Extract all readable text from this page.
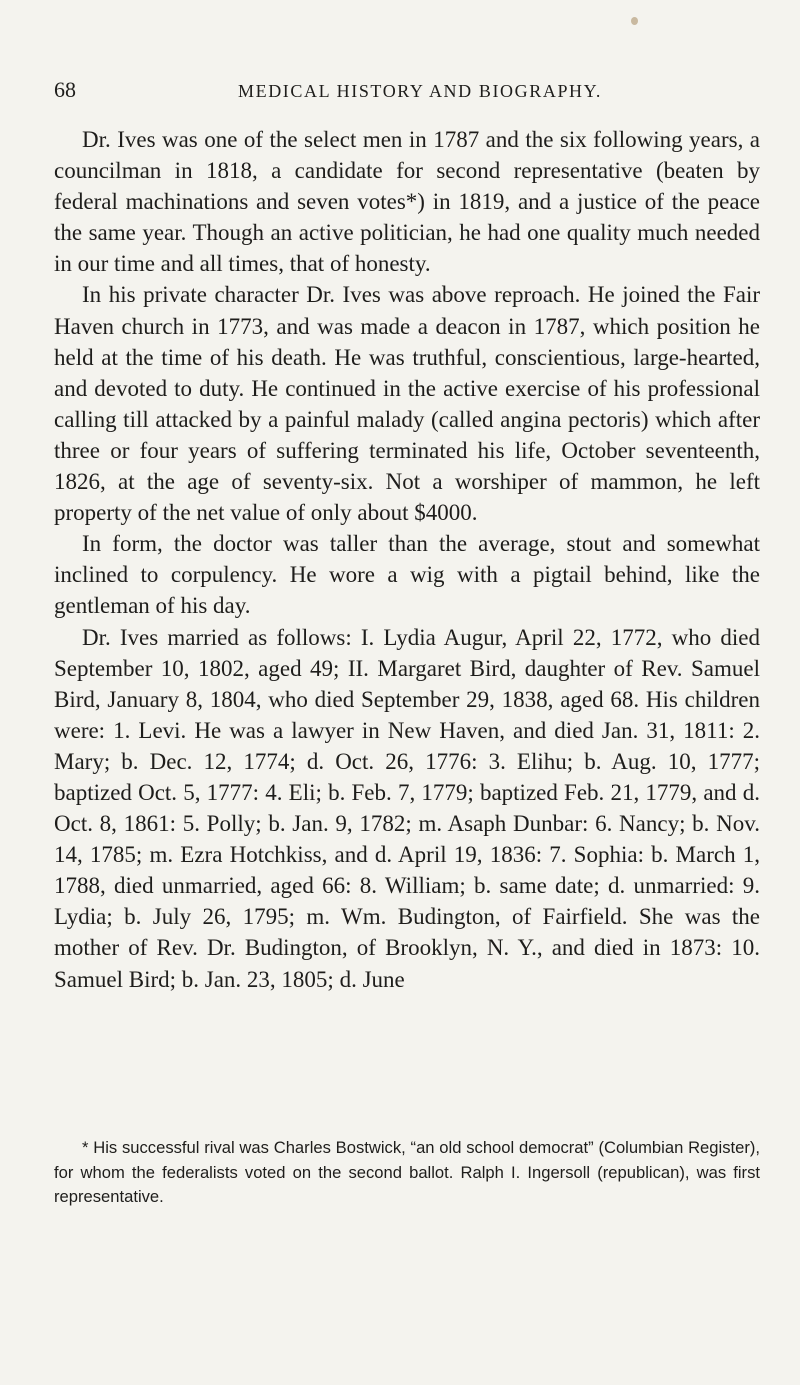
68	MEDICAL HISTORY AND BIOGRAPHY.

Dr. Ives was one of the select men in 1787 and the six following years, a councilman in 1818, a candidate for second representative (beaten by federal machinations and seven votes*) in 1819, and a justice of the peace the same year. Though an active politician, he had one quality much needed in our time and all times, that of honesty.

In his private character Dr. Ives was above reproach. He joined the Fair Haven church in 1773, and was made a deacon in 1787, which position he held at the time of his death. He was truthful, conscientious, large-hearted, and devoted to duty. He continued in the active exercise of his professional calling till attacked by a painful malady (called angina pectoris) which after three or four years of suffering terminated his life, October seventeenth, 1826, at the age of seventy-six. Not a worshiper of mammon, he left property of the net value of only about $4000.

In form, the doctor was taller than the average, stout and somewhat inclined to corpulency. He wore a wig with a pigtail behind, like the gentleman of his day.

Dr. Ives married as follows: I. Lydia Augur, April 22, 1772, who died September 10, 1802, aged 49; II. Margaret Bird, daughter of Rev. Samuel Bird, January 8, 1804, who died September 29, 1838, aged 68. His children were: 1. Levi. He was a lawyer in New Haven, and died Jan. 31, 1811: 2. Mary; b. Dec. 12, 1774; d. Oct. 26, 1776: 3. Elihu; b. Aug. 10, 1777; baptized Oct. 5, 1777: 4. Eli; b. Feb. 7, 1779; baptized Feb. 21, 1779, and d. Oct. 8, 1861: 5. Polly; b. Jan. 9, 1782; m. Asaph Dunbar: 6. Nancy; b. Nov. 14, 1785; m. Ezra Hotchkiss, and d. April 19, 1836: 7. Sophia: b. March 1, 1788, died unmarried, aged 66: 8. William; b. same date; d. unmarried: 9. Lydia; b. July 26, 1795; m. Wm. Budington, of Fairfield. She was the mother of Rev. Dr. Budington, of Brooklyn, N. Y., and died in 1873: 10. Samuel Bird; b. Jan. 23, 1805; d. June

* His successful rival was Charles Bostwick, “an old school democrat” (Columbian Register), for whom the federalists voted on the second ballot. Ralph I. Ingersoll (republican), was first representative.
